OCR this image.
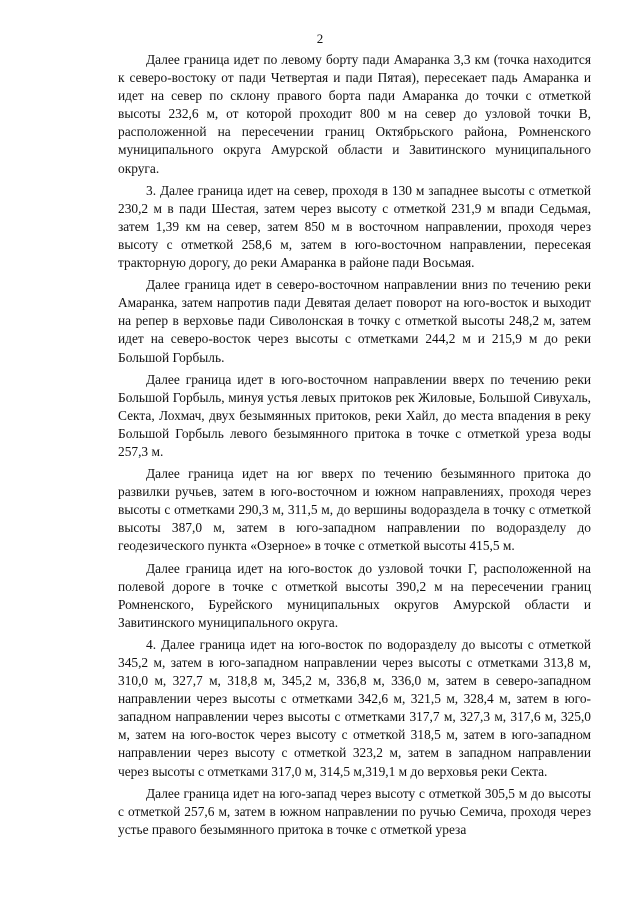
2

Далее граница идет по левому борту пади Амаранка 3,3 км (точка находится к северо-востоку от пади Четвертая и пади Пятая), пересекает падь Амаранка и идет на север по склону правого борта пади Амаранка до точки с отметкой высоты 232,6 м, от которой проходит 800 м на север до узловой точки В, расположенной на пересечении границ Октябрьского района, Ромненского муниципального округа Амурской области и Завитинского муниципального округа.

3. Далее граница идет на север, проходя в 130 м западнее высоты с отметкой 230,2 м в пади Шестая, затем через высоту с отметкой 231,9 м впади Седьмая, затем 1,39 км на север, затем 850 м в восточном направлении, проходя через высоту с отметкой 258,6 м, затем в юго-восточном направлении, пересекая тракторную дорогу, до реки Амаранка в районе пади Восьмая.

Далее граница идет в северо-восточном направлении вниз по течению реки Амаранка, затем напротив пади Девятая делает поворот на юго-восток и выходит на репер в верховье пади Сиволонская в точку с отметкой высоты 248,2 м, затем идет на северо-восток через высоты с отметками 244,2 м и 215,9 м до реки Большой Горбыль.

Далее граница идет в юго-восточном направлении вверх по течению реки Большой Горбыль, минуя устья левых притоков рек Жиловые, Большой Сивухаль, Секта, Лохмач, двух безымянных притоков, реки Хайл, до места впадения в реку Большой Горбыль левого безымянного притока в точке с отметкой уреза воды 257,3 м.

Далее граница идет на юг вверх по течению безымянного притока до развилки ручьев, затем в юго-восточном и южном направлениях, проходя через высоты с отметками 290,3 м, 311,5 м, до вершины водораздела в точку с отметкой высоты 387,0 м, затем в юго-западном направлении по водоразделу до геодезического пункта «Озерное» в точке с отметкой высоты 415,5 м.

Далее граница идет на юго-восток до узловой точки Г, расположенной на полевой дороге в точке с отметкой высоты 390,2 м на пересечении границ Ромненского, Бурейского муниципальных округов Амурской области и Завитинского муниципального округа.

4. Далее граница идет на юго-восток по водоразделу до высоты с отметкой 345,2 м, затем в юго-западном направлении через высоты с отметками 313,8 м, 310,0 м, 327,7 м, 318,8 м, 345,2 м, 336,8 м, 336,0 м, затем в северо-западном направлении через высоты с отметками 342,6 м, 321,5 м, 328,4 м, затем в юго-западном направлении через высоты с отметками 317,7 м, 327,3 м, 317,6 м, 325,0 м, затем на юго-восток через высоту с отметкой 318,5 м, затем в юго-западном направлении через высоту с отметкой 323,2 м, затем в западном направлении через высоты с отметками 317,0 м, 314,5 м,319,1 м до верховья реки Секта.

Далее граница идет на юго-запад через высоту с отметкой 305,5 м до высоты с отметкой 257,6 м, затем в южном направлении по ручью Семича, проходя через устье правого безымянного притока в точке с отметкой уреза
